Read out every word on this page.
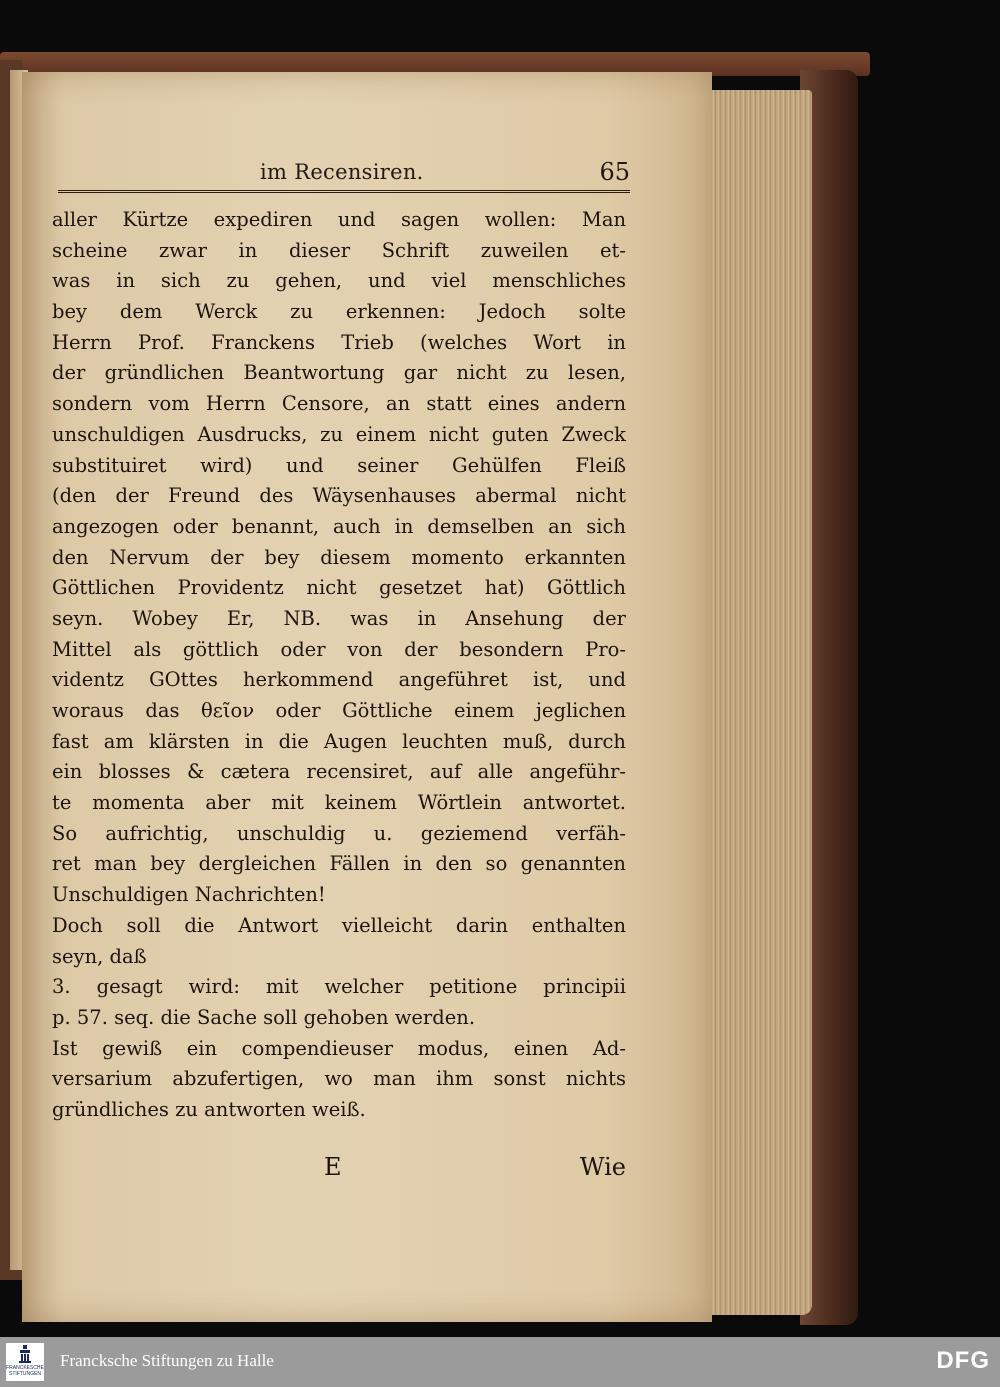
im Recensiren.	65
aller Kürtze expediren und sagen wollen: Man
scheine zwar in dieser Schrift zuweilen et-
was in sich zu gehen, und viel menschliches
bey dem Werck zu erkennen: Jedoch solte
Herrn Prof. Franckens Trieb (welches Wort in
der gründlichen Beantwortung gar nicht zu lesen,
sondern vom Herrn Censore, an statt eines andern
unschuldigen Ausdrucks, zu einem nicht guten Zweck
substituiret wird) und seiner Gehülfen Fleiß
(den der Freund des Wäysenhauses abermal nicht
angezogen oder benannt, auch in demselben an sich
den Nervum der bey diesem momento erkannten
Göttlichen Providentz nicht gesetzet hat) Göttlich
seyn. Wobey Er, NB. was in Ansehung der
Mittel als göttlich oder von der besondern Pro-
videntz GOttes herkommend angeführet ist, und
woraus das θεῖον oder Göttliche einem jeglichen
fast am klärsten in die Augen leuchten muß, durch
ein blosses & cætera recensiret, auf alle angeführ-
te momenta aber mit keinem Wörtlein antwortet.
So aufrichtig, unschuldig u. geziemend verfäh-
ret man bey dergleichen Fällen in den so genannten
Unschuldigen Nachrichten!
Doch soll die Antwort vielleicht darin enthalten
seyn, daß
3. gesagt wird: mit welcher petitione principii
p. 57. seq. die Sache soll gehoben werden.
Ist gewiß ein compendieuser modus, einen Ad-
versarium abzufertigen, wo man ihm sonst nichts
gründliches zu antworten weiß.
E	Wie
FRANCKESCHE STIFTUNGEN
Francksche Stiftungen zu Halle	DFG
